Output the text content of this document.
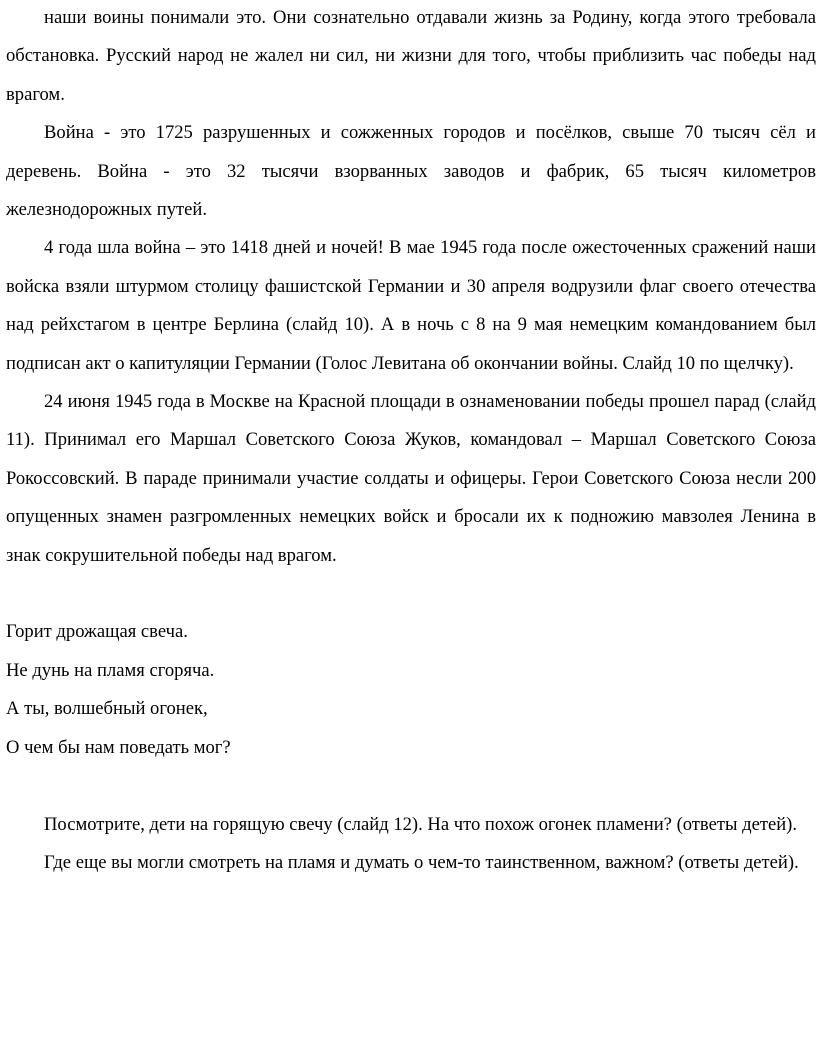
наши воины понимали это. Они сознательно отдавали жизнь за Родину, когда этого требовала обстановка. Русский народ не жалел ни сил, ни жизни для того, чтобы приблизить час победы над врагом.

Война - это 1725 разрушенных и сожженных городов и посёлков, свыше 70 тысяч сёл и деревень. Война - это 32 тысячи взорванных заводов и фабрик, 65 тысяч километров железнодорожных путей.

4 года шла война – это 1418 дней и ночей! В мае 1945 года после ожесточенных сражений наши войска взяли штурмом столицу фашистской Германии и 30 апреля водрузили флаг своего отечества над рейхстагом в центре Берлина (слайд 10). А в ночь с 8 на 9 мая немецким командованием был подписан акт о капитуляции Германии (Голос Левитана об окончании войны. Слайд 10 по щелчку).

24 июня 1945 года в Москве на Красной площади в ознаменовании победы прошел парад (слайд 11). Принимал его Маршал Советского Союза Жуков, командовал – Маршал Советского Союза Рокоссовский. В параде принимали участие солдаты и офицеры. Герои Советского Союза несли 200 опущенных знамен разгромленных немецких войск и бросали их к подножию мавзолея Ленина в знак сокрушительной победы над врагом.

Горит дрожащая свеча.

Не дунь на пламя сгоряча.

А ты, волшебный огонек,

О чем бы нам поведать мог?

Посмотрите, дети на горящую свечу (слайд 12). На что похож огонек пламени? (ответы детей).

Где еще вы могли смотреть на пламя и думать о чем-то таинственном, важном? (ответы детей).
